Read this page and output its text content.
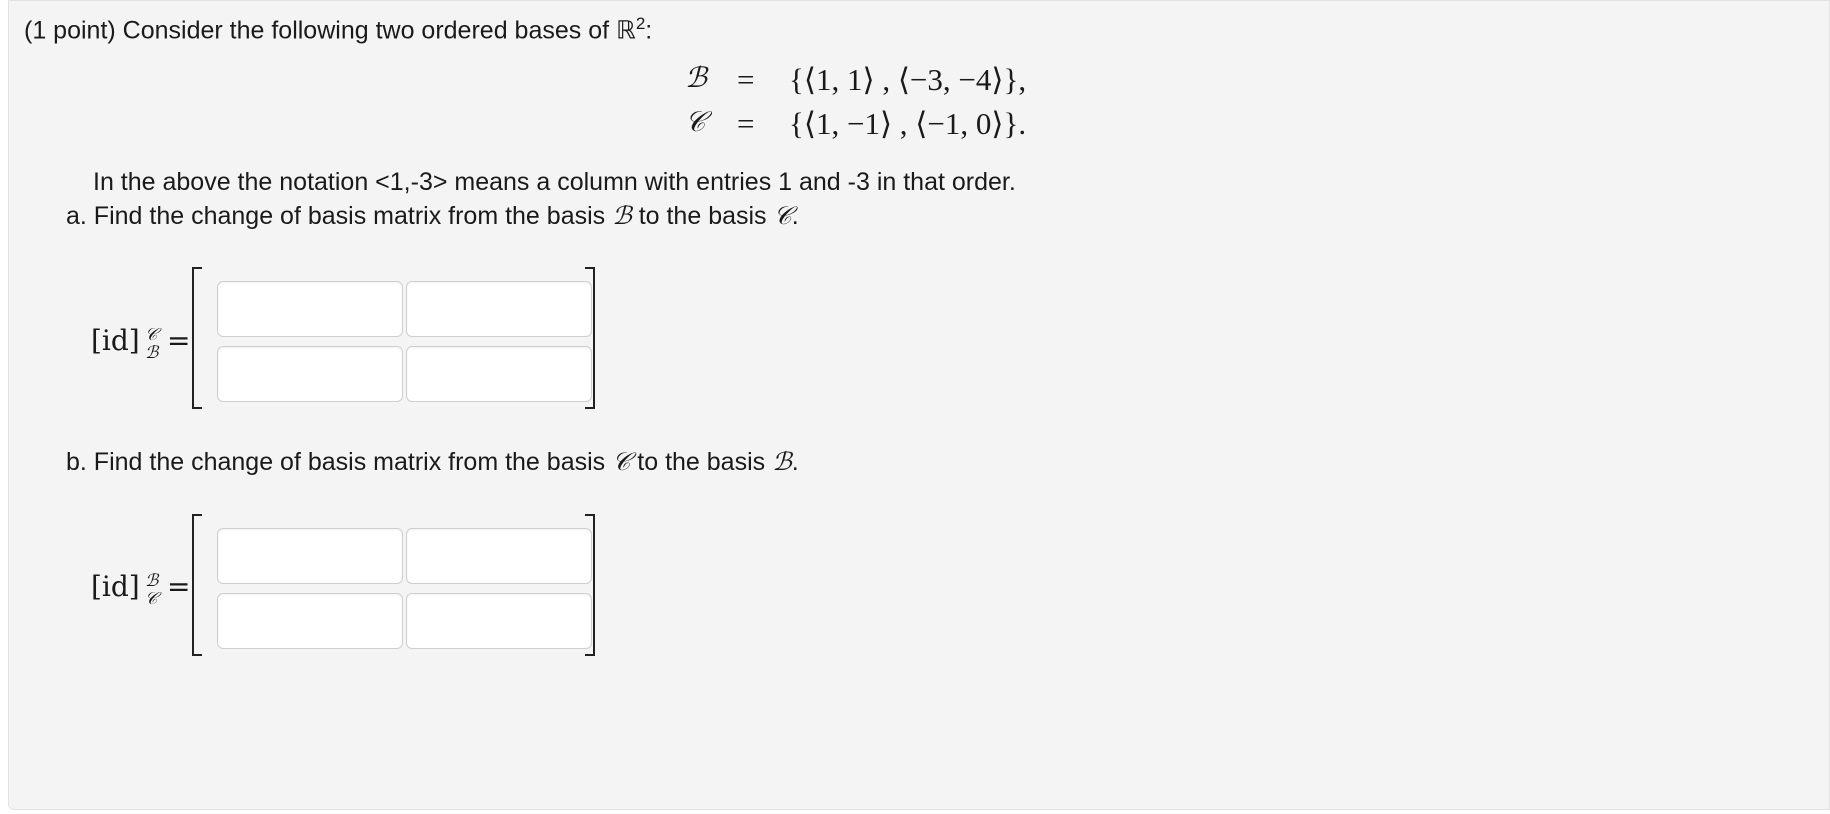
(1 point) Consider the following two ordered bases of ℝ$^2$:
ℬ = {⟨1, 1⟩ , ⟨−3, −4⟩},
𝒞 = {⟨1, −1⟩ , ⟨−1, 0⟩}.
In the above the notation <1,-3> means a column with entries 1 and -3 in that order.
a. Find the change of basis matrix from the basis ℬ to the basis 𝒞.
[id] 𝒞
ℬ =
b. Find the change of basis matrix from the basis 𝒞 to the basis ℬ.
[id] ℬ
𝒞 =
